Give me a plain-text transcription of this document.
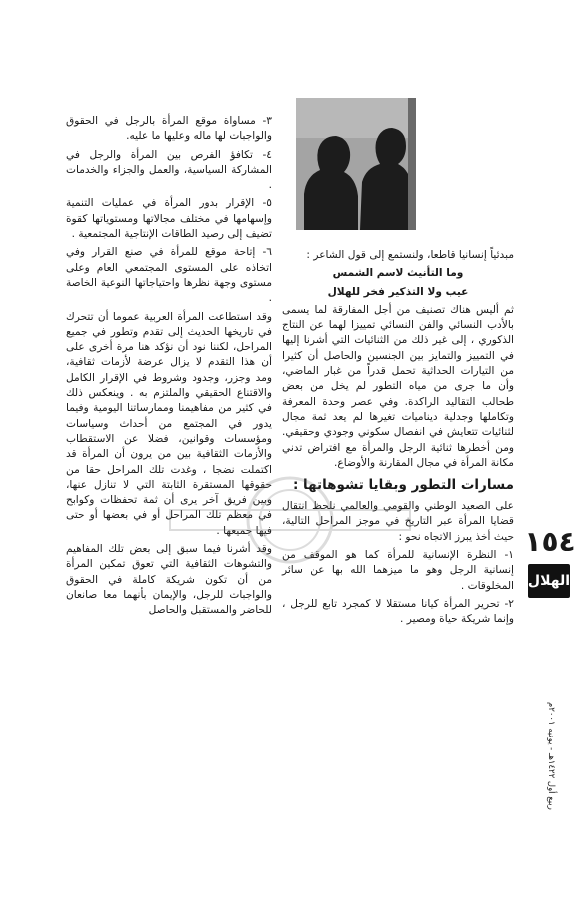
مبدئياً إنسانيا قاطعا، ولنستمع إلى قول الشاعر :

وما التأنيث لاسم الشمس

عيب ولا التذكير فخر للهلال

ثم أليس هناك تصنيف من أجل المفارقة لما يسمى بالأدب النسائي والفن النسائي تمييزا لهما عن النتاج الذكوري ، إلى غير ذلك من الثنائيات التي أشرنا إليها في التمييز والتمايز بين الجنسين والحاصل أن كثيرا من التيارات الحداثية تحمل قدراً من غبار الماضي، وأن ما جرى من مياه التطور لم يخل من بعض طحالب التقاليد الراكدة. وفي عصر وحدة المعرفة وتكاملها وجدلية ديناميات تغيرها لم يعد ثمة مجال لثنائيات تتعايش في انفصال سكوني وجودي وحقيقي. ومن أخطرها ثنائية الرجل والمرأة مع افتراض تدني مكانة المرأة في مجال المقارنة والأوضاع.

مسارات التطور وبقايا تشوهاتها :

على الصعيد الوطني والقومي والعالمي نلحظ انتقال قضايا المرأة عبر التاريخ في موجز المراحل التالية، حيث أخذ يبرز الاتجاه نحو :

١- النظرة الإنسانية للمرأة كما هو الموقف من إنسانية الرجل وهو ما ميزهما الله بها عن سائر المخلوقات .

٢- تحرير المرأة كيانا مستقلا لا كمجرد تابع للرجل ، وإنما شريكة حياة ومصير .

٣- مساواة موقع المرأة بالرجل في الحقوق والواجبات لها ماله وعليها ما عليه.

٤- تكافؤ الفرص بين المرأة والرجل في المشاركة السياسية، والعمل والجزاء والخدمات .

٥- الإقرار بدور المرأة في عمليات التنمية وإسهامها في مختلف مجالاتها ومستوياتها كقوة تضيف إلى رصيد الطاقات الإنتاجية المجتمعية .

٦- إتاحة موقع للمرأة في صنع القرار وفي اتخاذه على المستوى المجتمعي العام وعلى مستوى وجهة نظرها واحتياجاتها النوعية الخاصة .

وقد استطاعت المرأة العربية عموما أن تتحرك في تاريخها الحديث إلى تقدم وتطور في جميع المراحل، لكننا نود أن نؤكد هنا مرة أخرى على أن هذا التقدم لا يزال عرضة لأزمات ثقافية، ومد وجزر، وجدود وشروط في الإقرار الكامل والاقتناع الحقيقي والملتزم به . وينعكس ذلك في كثير من مفاهيمنا وممارساتنا اليومية وفيما يدور في المجتمع من أحداث وسياسات ومؤسسات وقوانين، فضلا عن الاستقطاب والأزمات الثقافية بين من يرون أن المرأة قد اكتملت نضجا ، وغدت تلك المراحل حقا من حقوقها المستقرة الثابتة التي لا تنازل عنها، وبين فريق آخر يرى أن ثمة تحفظات وكوابح في معظم تلك المراحل أو في بعضها أو حتى فيها جميعها .

وقد أشرنا فيما سبق إلى بعض تلك المفاهيم والتشوهات الثقافية التي تعوق تمكين المرأة من أن تكون شريكة كاملة في الحقوق والواجبات للرجل، والإيمان بأنهما معا صانعان للحاضر والمستقبل والحاصل

١٥٤
الهلال
ربيع أول ١٤٢٢هـ - يونيه ٢٠٠١م
